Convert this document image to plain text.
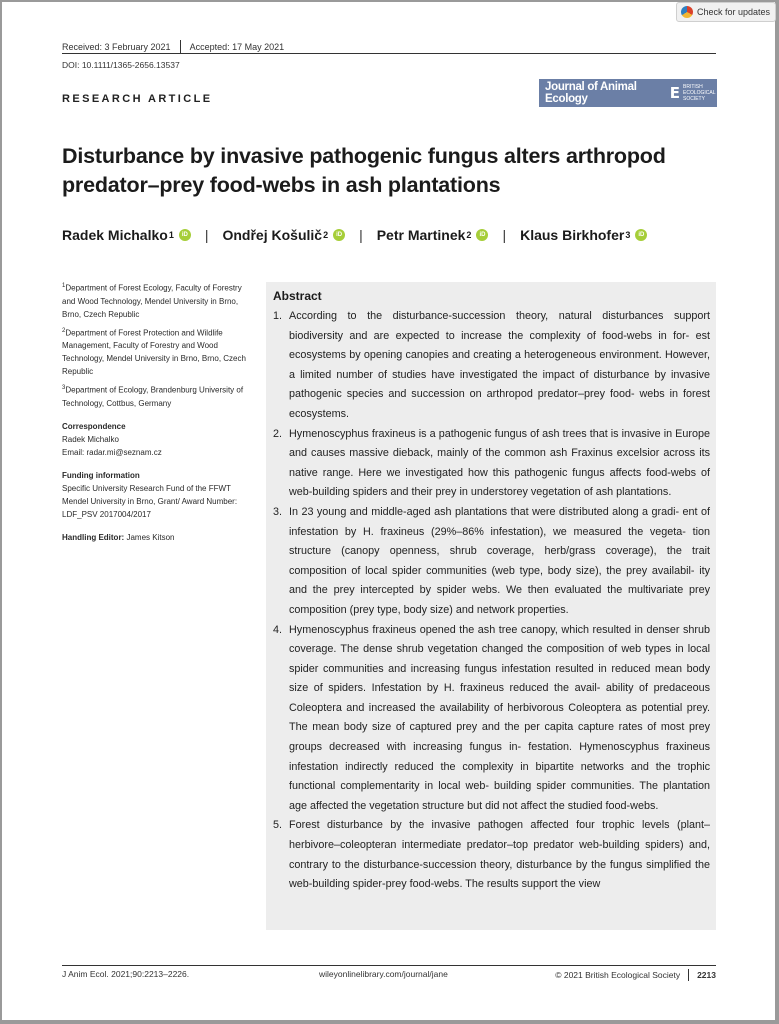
Received: 3 February 2021 Accepted: 17 May 2021
DOI: 10.1111/1365-2656.13537
RESEARCH ARTICLE
Journal of Animal Ecology	E BRITISH ECOLOGICAL SOCIETY
Disturbance by invasive pathogenic fungus alters arthropod predator–prey food-webs in ash plantations
Radek Michalko 1	iD | Ondřej Košulič 2	iD | Petr Martinek 2	iD | Klaus Birkhofer 3	iD
$^1$Department of Forest Ecology, Faculty of Forestry and Wood Technology, Mendel University in Brno, Brno, Czech Republic
$^2$Department of Forest Protection and Wildlife Management, Faculty of Forestry and Wood Technology, Mendel University in Brno, Brno, Czech Republic
$^3$Department of Ecology, Brandenburg University of Technology, Cottbus, Germany
Correspondence
Radek Michalko
Email: radar.mi@seznam.cz
Funding information
Specific University Research Fund of the FFWT Mendel University in Brno, Grant/ Award Number: LDF_PSV 2017004/2017
Handling Editor: James Kitson
Abstract
1. According to the disturbance-succession theory, natural disturbances support biodiversity and are expected to increase the complexity of food-webs in for- est ecosystems by opening canopies and creating a heterogeneous environment. However, a limited number of studies have investigated the impact of disturbance by invasive pathogenic species and succession on arthropod predator–prey food- webs in forest ecosystems.
2. Hymenoscyphus fraxineus is a pathogenic fungus of ash trees that is invasive in Europe and causes massive dieback, mainly of the common ash Fraxinus excelsior across its native range. Here we investigated how this pathogenic fungus affects food-webs of web-building spiders and their prey in understorey vegetation of ash plantations.
3. In 23 young and middle-aged ash plantations that were distributed along a gradi- ent of infestation by H. fraxineus (29%–86% infestation), we measured the vegeta- tion structure (canopy openness, shrub coverage, herb/grass coverage), the trait composition of local spider communities (web type, body size), the prey availabil- ity and the prey intercepted by spider webs. We then evaluated the multivariate prey composition (prey type, body size) and network properties.
4. Hymenoscyphus fraxineus opened the ash tree canopy, which resulted in denser shrub coverage. The dense shrub vegetation changed the composition of web types in local spider communities and increasing fungus infestation resulted in reduced mean body size of spiders. Infestation by H. fraxineus reduced the avail- ability of predaceous Coleoptera and increased the availability of herbivorous Coleoptera as potential prey. The mean body size of captured prey and the per capita capture rates of most prey groups decreased with increasing fungus in- festation. Hymenoscyphus fraxineus infestation indirectly reduced the complexity in bipartite networks and the trophic functional complementarity in local web- building spider communities. The plantation age affected the vegetation structure but did not affect the studied food-webs.
5. Forest disturbance by the invasive pathogen affected four trophic levels (plant– herbivore–coleopteran intermediate predator–top predator web-building spiders) and, contrary to the disturbance-succession theory, disturbance by the fungus simplified the web-building spider-prey food-webs. The results support the view
J Anim Ecol. 2021;90:2213–2226.	wileyonlinelibrary.com/journal/jane	© 2021 British Ecological Society 2213
Check for updates
